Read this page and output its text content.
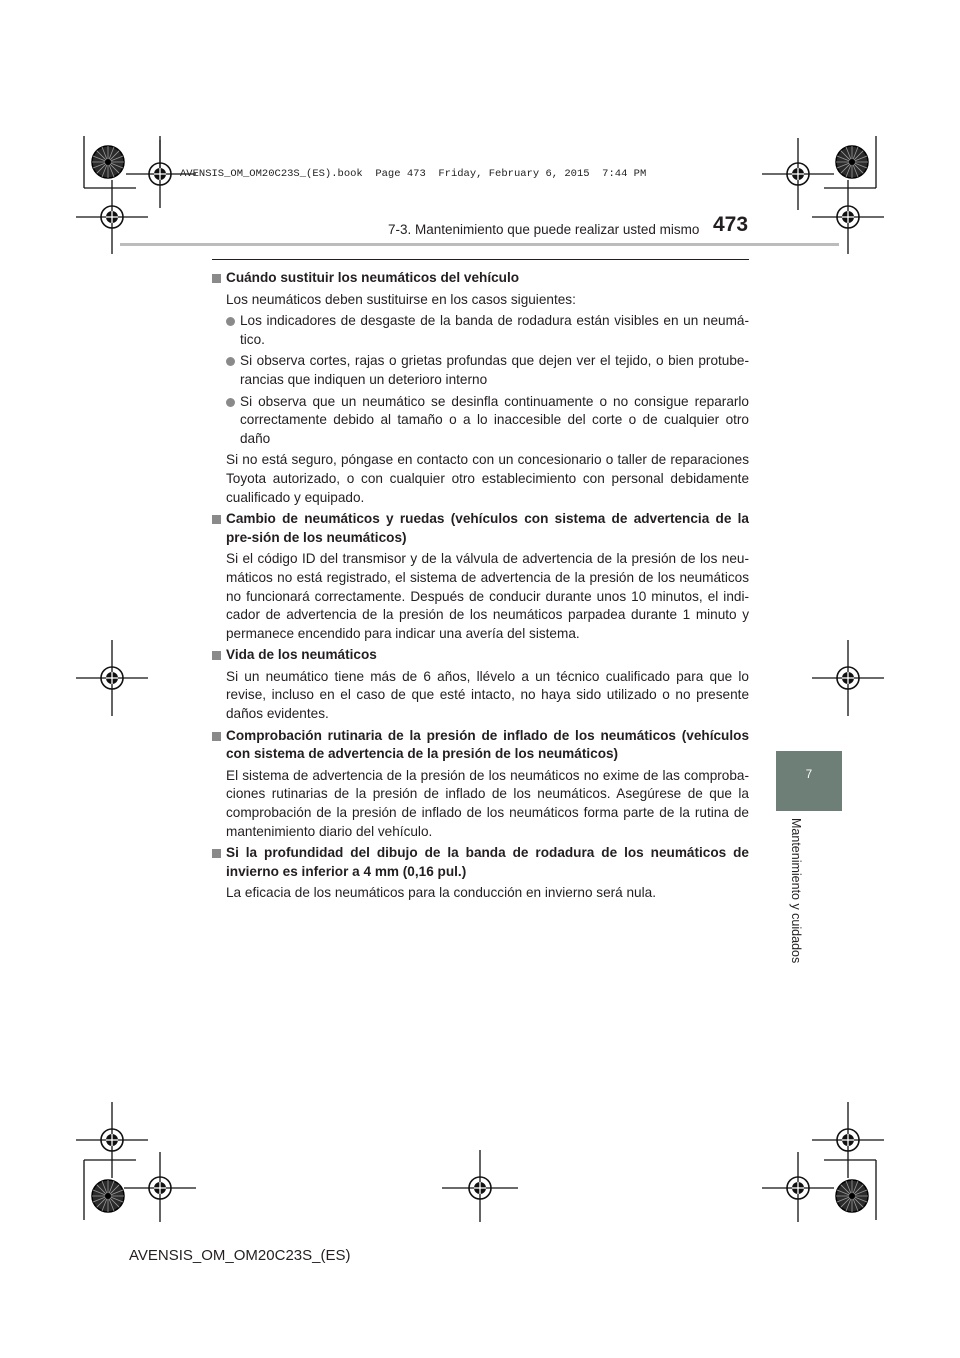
AVENSIS_OM_OM20C23S_(ES).book  Page 473  Friday, February 6, 2015  7:44 PM
7-3. Mantenimiento que puede realizar usted mismo 473
Cuándo sustituir los neumáticos del vehículo
Los neumáticos deben sustituirse en los casos siguientes:
Los indicadores de desgaste de la banda de rodadura están visibles en un neumá-tico.
Si observa cortes, rajas o grietas profundas que dejen ver el tejido, o bien protube-rancias que indiquen un deterioro interno
Si observa que un neumático se desinfla continuamente o no consigue repararlo correctamente debido al tamaño o a lo inaccesible del corte o de cualquier otro daño
Si no está seguro, póngase en contacto con un concesionario o taller de reparaciones Toyota autorizado, o con cualquier otro establecimiento con personal debidamente cualificado y equipado.
Cambio de neumáticos y ruedas (vehículos con sistema de advertencia de la pre-sión de los neumáticos)
Si el código ID del transmisor y de la válvula de advertencia de la presión de los neu-máticos no está registrado, el sistema de advertencia de la presión de los neumáticos no funcionará correctamente. Después de conducir durante unos 10 minutos, el indi-cador de advertencia de la presión de los neumáticos parpadea durante 1 minuto y permanece encendido para indicar una avería del sistema.
Vida de los neumáticos
Si un neumático tiene más de 6 años, llévelo a un técnico cualificado para que lo revise, incluso en el caso de que esté intacto, no haya sido utilizado o no presente daños evidentes.
Comprobación rutinaria de la presión de inflado de los neumáticos (vehículos con sistema de advertencia de la presión de los neumáticos)
El sistema de advertencia de la presión de los neumáticos no exime de las comproba-ciones rutinarias de la presión de inflado de los neumáticos. Asegúrese de que la comprobación de la presión de inflado de los neumáticos forma parte de la rutina de mantenimiento diario del vehículo.
Si la profundidad del dibujo de la banda de rodadura de los neumáticos de invierno es inferior a 4 mm (0,16 pul.)
La eficacia de los neumáticos para la conducción en invierno será nula.
7
Mantenimiento y cuidados
AVENSIS_OM_OM20C23S_(ES)
